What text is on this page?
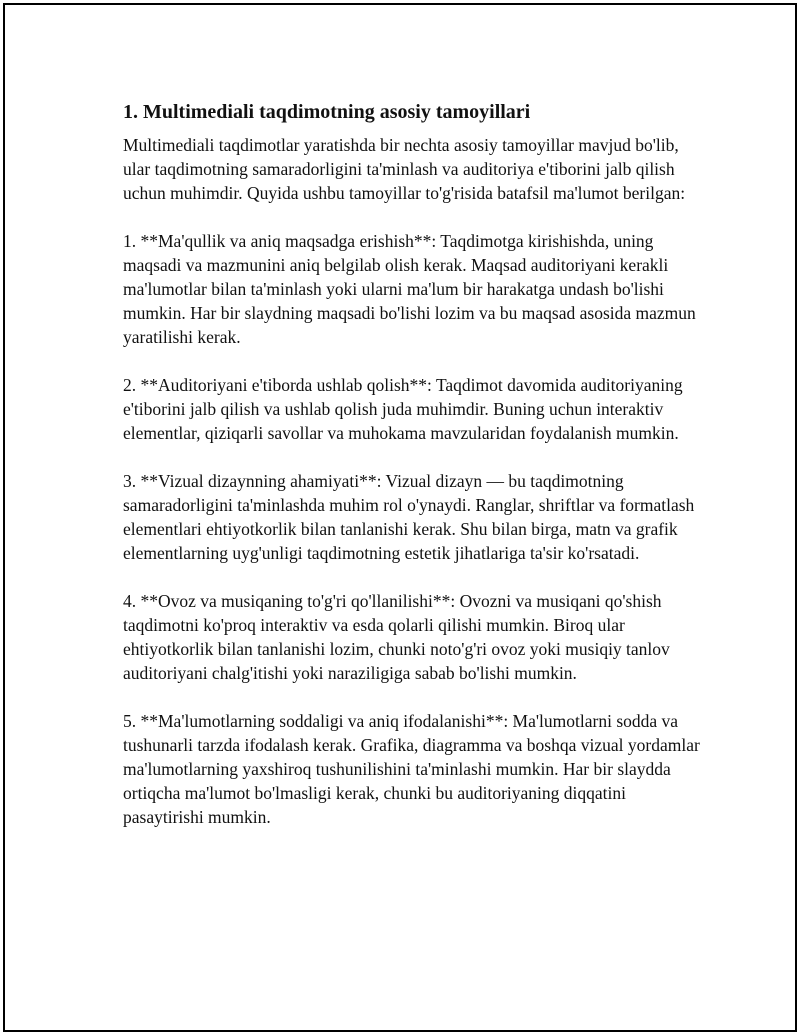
1. Multimediali taqdimotning asosiy tamoyillari

Multimediali taqdimotlar yaratishda bir nechta asosiy tamoyillar mavjud bo'lib, ular taqdimotning samaradorligini ta'minlash va auditoriya e'tiborini jalb qilish uchun muhimdir. Quyida ushbu tamoyillar to'g'risida batafsil ma'lumot berilgan:

1. **Ma'qullik va aniq maqsadga erishish**: Taqdimotga kirishishda, uning maqsadi va mazmunini aniq belgilab olish kerak. Maqsad auditoriyani kerakli ma'lumotlar bilan ta'minlash yoki ularni ma'lum bir harakatga undash bo'lishi mumkin. Har bir slaydning maqsadi bo'lishi lozim va bu maqsad asosida mazmun yaratilishi kerak.

2. **Auditoriyani e'tiborda ushlab qolish**: Taqdimot davomida auditoriyaning e'tiborini jalb qilish va ushlab qolish juda muhimdir. Buning uchun interaktiv elementlar, qiziqarli savollar va muhokama mavzularidan foydalanish mumkin.

3. **Vizual dizaynning ahamiyati**: Vizual dizayn — bu taqdimotning samaradorligini ta'minlashda muhim rol o'ynaydi. Ranglar, shriftlar va formatlash elementlari ehtiyotkorlik bilan tanlanishi kerak. Shu bilan birga, matn va grafik elementlarning uyg'unligi taqdimotning estetik jihatlariga ta'sir ko'rsatadi.

4. **Ovoz va musiqaning to'g'ri qo'llanilishi**: Ovozni va musiqani qo'shish taqdimotni ko'proq interaktiv va esda qolarli qilishi mumkin. Biroq ular ehtiyotkorlik bilan tanlanishi lozim, chunki noto'g'ri ovoz yoki musiqiy tanlov auditoriyani chalg'itishi yoki naraziligiga sabab bo'lishi mumkin.

5. **Ma'lumotlarning soddaligi va aniq ifodalanishi**: Ma'lumotlarni sodda va tushunarli tarzda ifodalash kerak. Grafika, diagramma va boshqa vizual yordamlar ma'lumotlarning yaxshiroq tushunilishini ta'minlashi mumkin. Har bir slaydda ortiqcha ma'lumot bo'lmasligi kerak, chunki bu auditoriyaning diqqatini pasaytirishi mumkin.
